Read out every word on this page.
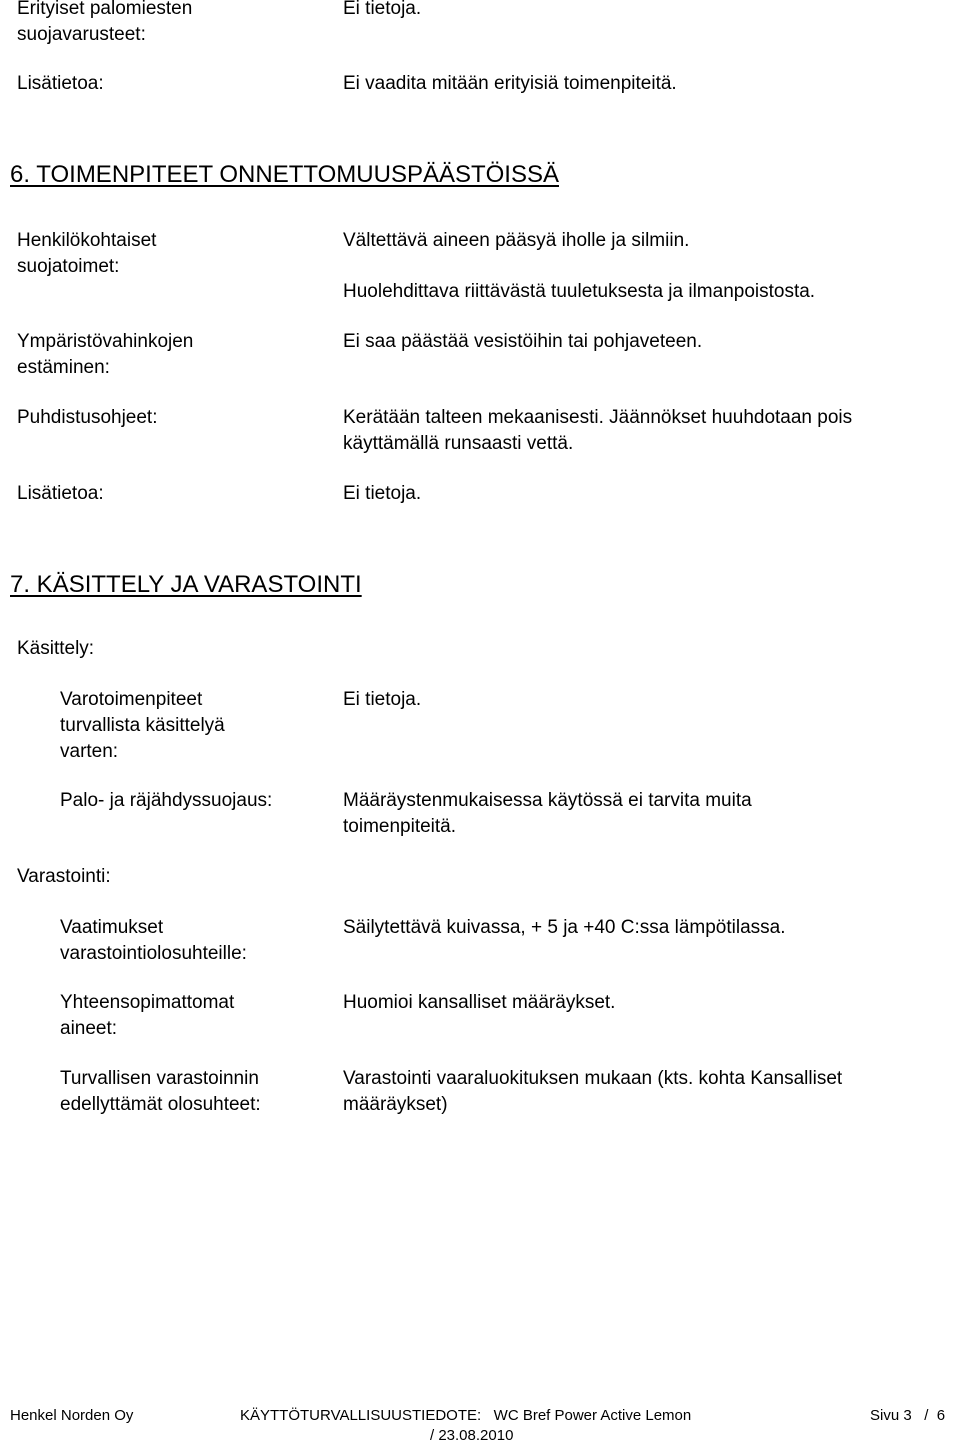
Erityiset palomiesten suojavarusteet:
Ei tietoja.
Lisätietoa:	Ei vaadita mitään erityisiä toimenpiteitä.
6. TOIMENPITEET ONNETTOMUUSPÄÄSTÖISSÄ
Henkilökohtaiset suojatoimet:
Vältettävä aineen pääsyä iholle ja silmiin.
Huolehdittava riittävästä tuuletuksesta ja ilmanpoistosta.
Ympäristövahinkojen estäminen:
Ei saa päästää vesistöihin tai pohjaveteen.
Puhdistusohjeet:	Kerätään talteen mekaanisesti. Jäännökset huuhdotaan pois käyttämällä runsaasti vettä.
Lisätietoa:	Ei tietoja.
7. KÄSITTELY JA VARASTOINTI
Käsittely:
Varotoimenpiteet turvallista käsittelyä varten:
Ei tietoja.
Palo- ja räjähdyssuojaus:	Määräystenmukaisessa käytössä ei tarvita muita toimenpiteitä.
Varastointi:
Vaatimukset varastointiolosuhteille:
Säilytettävä kuivassa, + 5 ja +40 C:ssa lämpötilassa.
Yhteensopimattomat aineet:
Huomioi kansalliset määräykset.
Turvallisen varastoinnin edellyttämät olosuhteet:
Varastointi vaaraluokituksen mukaan (kts. kohta Kansalliset määräykset)
Henkel Norden Oy	KÄYTTÖTURVALLISUUSTIEDOTE:   WC Bref Power Active Lemon
/ 23.08.2010
Sivu 3   /  6
